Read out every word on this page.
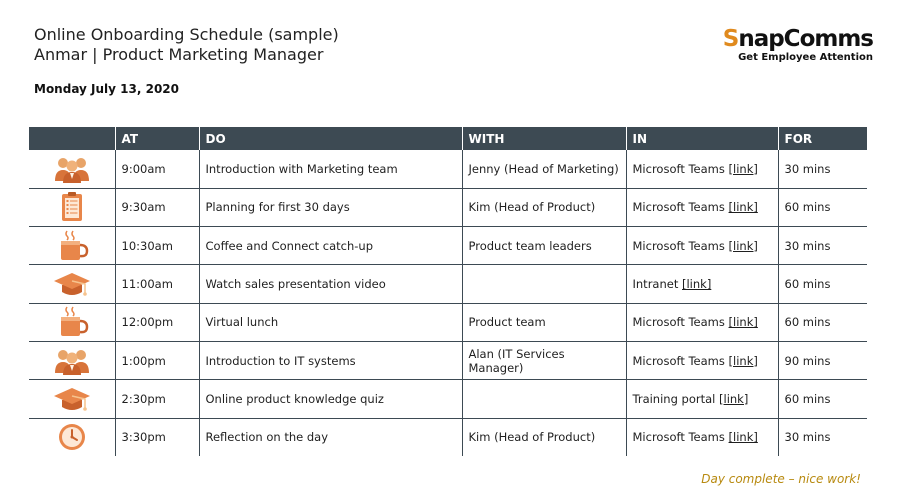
Online Onboarding Schedule (sample)
Anmar | Product Marketing Manager
Monday July 13, 2020
SnapComms
Get Employee Attention
	AT	DO	WITH	IN	FOR
	9:00am	Introduction with Marketing team	Jenny (Head of Marketing)	Microsoft Teams [link]	30 mins
	9:30am	Planning for first 30 days	Kim (Head of Product)	Microsoft Teams [link]	60 mins
	10:30am	Coffee and Connect catch-up	Product team leaders	Microsoft Teams [link]	30 mins
	11:00am	Watch sales presentation video		Intranet [link]	60 mins
	12:00pm	Virtual lunch	Product team	Microsoft Teams [link]	60 mins
	1:00pm	Introduction to IT systems	Alan (IT Services Manager)	Microsoft Teams [link]	90 mins
	2:30pm	Online product knowledge quiz		Training portal [link]	60 mins
	3:30pm	Reflection on the day	Kim (Head of Product)	Microsoft Teams [link]	30 mins
Day complete – nice work!
